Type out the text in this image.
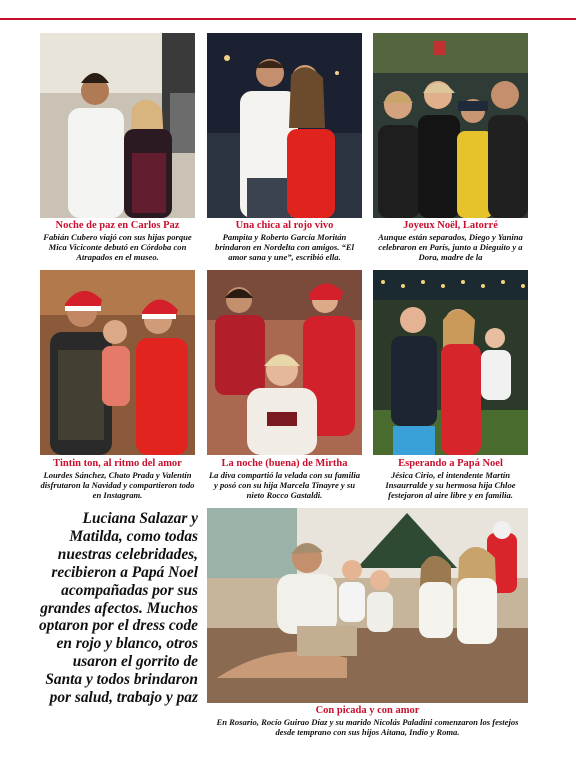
Noche de paz en Carlos Paz
Fabián Cubero viajó con sus hijas porque Mica Viciconte debutó en Córdoba con Atrapados en el museo.
Una chica al rojo vivo
Pampita y Roberto García Moritán brindaron en Nordelta con amigos. “El amor sana y une”, escribió ella.
Joyeux Noël, Latorré
Aunque están separados, Diego y Yanina celebraron en París, junto a Dieguito y a Dora, madre de la
Tintin ton, al ritmo del amor
Lourdes Sánchez, Chato Prada y Valentín disfrutaron la Navidad y compartieron todo en Instagram.
La noche (buena) de Mirtha
La diva compartió la velada con su familia y posó con su hija Marcela Tinayre y su nieto Rocco Gastaldi.
Esperando a Papá Noel
Jésica Cirio, el intendente Martín Insaurralde y su hermosa hija Chloe festejaron al aire libre y en familia.
Luciana Salazar y Matilda, como todas nuestras celebridades, recibieron a Papá Noel acompañadas por sus grandes afectos. Muchos optaron por el dress code en rojo y blanco, otros usaron el gorrito de Santa y todos brindaron por salud, trabajo y paz
Con picada y con amor
En Rosario, Rocío Guirao Díaz y su marido Nicolás Paladini comenzaron los festejos desde temprano con sus hijos Aitana, Indio y Roma.
